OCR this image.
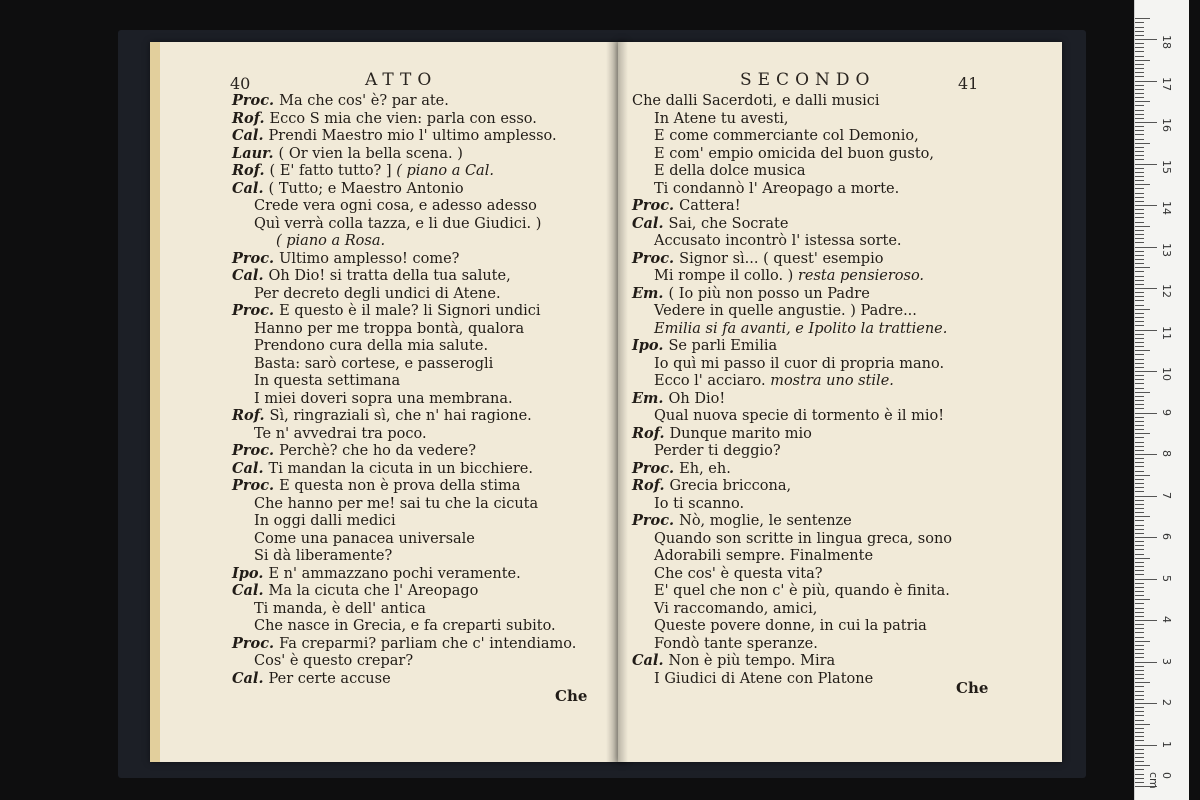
40	ATTO
Proc. Ma che cos' è? par ate.
Rof. Ecco S mia che vien: parla con esso.
Cal. Prendi Maestro mio l' ultimo amplesso.
Laur. ( Or vien la bella scena. )
Rof. ( E' fatto tutto? ] ( piano a Cal.
Cal. ( Tutto; e Maestro Antonio
Crede vera ogni cosa, e adesso adesso
Quì verrà colla tazza, e li due Giudici. )
( piano a Rosa.
Proc. Ultimo amplesso! come?
Cal. Oh Dio! si tratta della tua salute,
Per decreto degli undici di Atene.
Proc. E questo è il male? li Signori undici
Hanno per me troppa bontà, qualora
Prendono cura della mia salute.
Basta: sarò cortese, e passerogli
In questa settimana
I miei doveri sopra una membrana.
Rof. Sì, ringraziali sì, che n' hai ragione.
Te n' avvedrai tra poco.
Proc. Perchè? che ho da vedere?
Cal. Ti mandan la cicuta in un bicchiere.
Proc. E questa non è prova della stima
Che hanno per me! sai tu che la cicuta
In oggi dalli medici
Come una panacea universale
Si dà liberamente?
Ipo. E n' ammazzano pochi veramente.
Cal. Ma la cicuta che l' Areopago
Ti manda, è dell' antica
Che nasce in Grecia, e fa creparti subito.
Proc. Fa creparmi? parliam che c' intendiamo.
Cos' è questo crepar?
Cal. Per certe accuse
Che
SECONDO	41
Che dalli Sacerdoti, e dalli musici
In Atene tu avesti,
E come commerciante col Demonio,
E com' empio omicida del buon gusto,
E della dolce musica
Ti condannò l' Areopago a morte.
Proc. Cattera!
Cal. Sai, che Socrate
Accusato incontrò l' istessa sorte.
Proc. Signor sì... ( quest' esempio
Mi rompe il collo. ) resta pensieroso.
Em. ( Io più non posso un Padre
Vedere in quelle angustie. ) Padre...
Emilia si fa avanti, e Ipolito la trattiene.
Ipo. Se parli Emilia
Io quì mi passo il cuor di propria mano.
Ecco l' acciaro. mostra uno stile.
Em. Oh Dio!
Qual nuova specie di tormento è il mio!
Rof. Dunque marito mio
Perder ti deggio?
Proc. Eh, eh.
Rof. Grecia briccona,
Io ti scanno.
Proc. Nò, moglie, le sentenze
Quando son scritte in lingua greca, sono
Adorabili sempre. Finalmente
Che cos' è questa vita?
E' quel che non c' è più, quando è finita.
Vi raccomando, amici,
Queste povere donne, in cui la patria
Fondò tante speranze.
Cal. Non è più tempo. Mira
I Giudici di Atene con Platone
Che
0 cm
1
2
3
4
5
6
7
8
9
10
11
12
13
14
15
16
17
18
